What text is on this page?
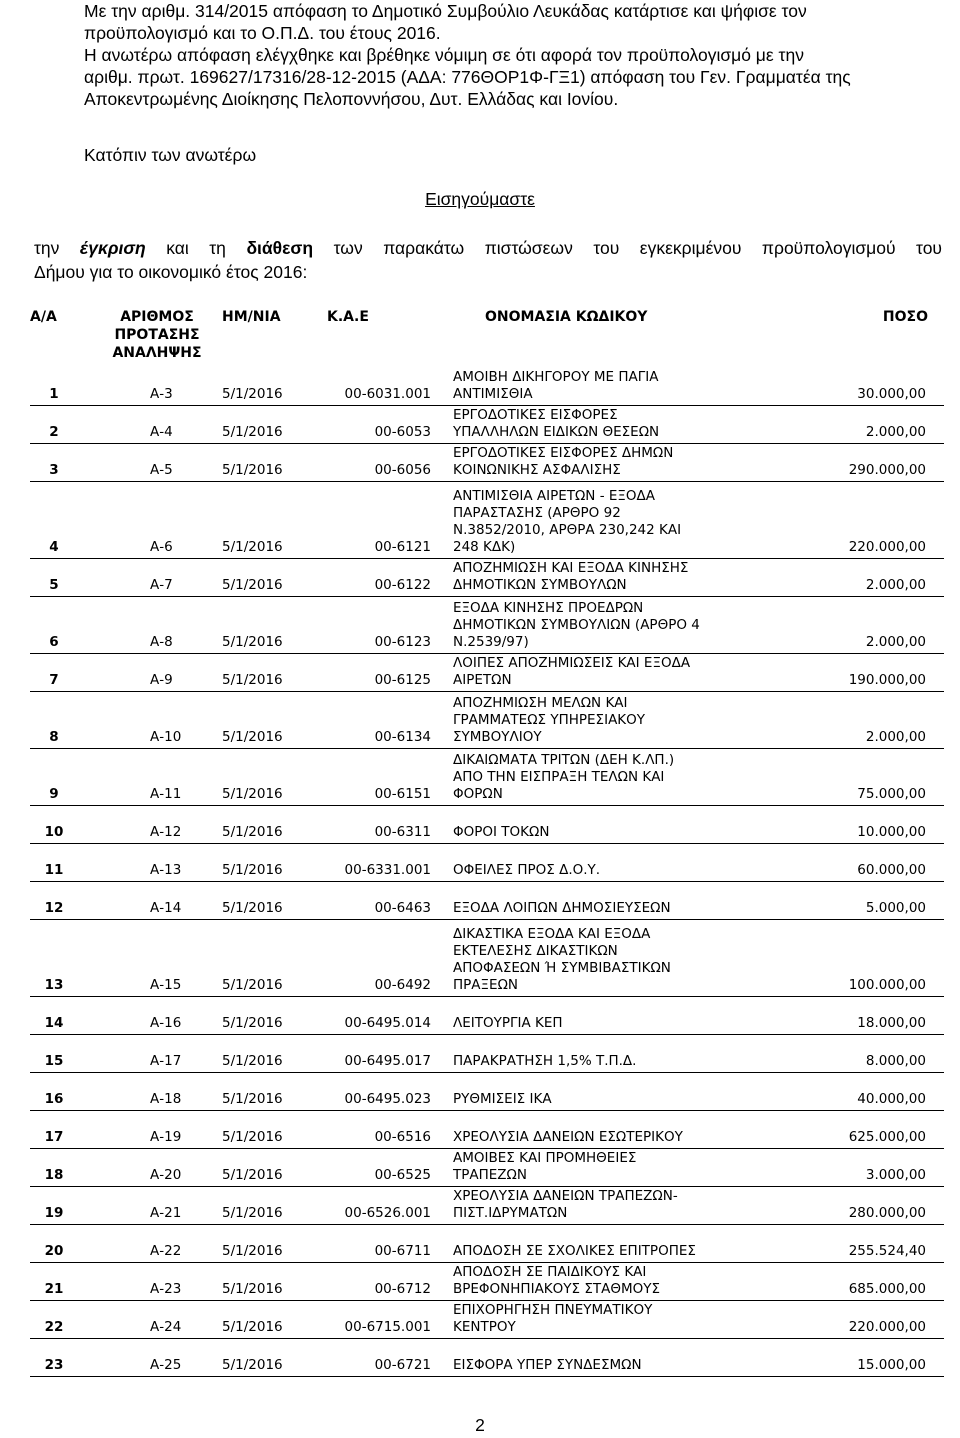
Με την αριθμ. 314/2015 απόφαση το Δημοτικό Συμβούλιο Λευκάδας κατάρτισε και ψήφισε τον
προϋπολογισμό και το Ο.Π.Δ. του έτους 2016.

Η ανωτέρω απόφαση ελέγχθηκε και βρέθηκε νόμιμη σε ότι αφορά τον προϋπολογισμό με την
αριθμ. πρωτ. 169627/17316/28-12-2015 (ΑΔΑ: 776ΘΟΡ1Φ-ΓΞ1) απόφαση του Γεν. Γραμματέα της
Αποκεντρωμένης Διοίκησης Πελοποννήσου, Δυτ. Ελλάδας και Ιονίου.

Κατόπιν των ανωτέρω
Εισηγούμαστε
την έγκριση και τη διάθεση των παρακάτω πιστώσεων του εγκεκριμένου προϋπολογισμού του
Δήμου για το οικονομικό έτος 2016:
Α/Α	ΑΡΙΘΜΟΣ
ΠΡΟΤΑΣΗΣ
ΑΝΑΛΗΨΗΣ	ΗΜ/ΝΙΑ	Κ.Α.Ε	ΟΝΟΜΑΣΙΑ ΚΩΔΙΚΟΥ	ΠΟΣΟ
1	Α-3	5/1/2016	00-6031.001	ΑΜΟΙΒΗ ΔΙΚΗΓΟΡΟΥ ΜΕ ΠΑΓΙΑ
ΑΝΤΙΜΙΣΘΙΑ	30.000,00
2	Α-4	5/1/2016	00-6053	ΕΡΓΟΔΟΤΙΚΕΣ ΕΙΣΦΟΡΕΣ
ΥΠΑΛΛΗΛΩΝ ΕΙΔΙΚΩΝ ΘΕΣΕΩΝ	2.000,00
3	Α-5	5/1/2016	00-6056	ΕΡΓΟΔΟΤΙΚΕΣ ΕΙΣΦΟΡΕΣ ΔΗΜΩΝ
ΚΟΙΝΩΝΙΚΗΣ ΑΣΦΑΛΙΣΗΣ	290.000,00
4	Α-6	5/1/2016	00-6121	ΑΝΤΙΜΙΣΘΙΑ ΑΙΡΕΤΩΝ - ΕΞΟΔΑ
ΠΑΡΑΣΤΑΣΗΣ (ΑΡΘΡΟ 92
Ν.3852/2010, ΑΡΘΡΑ 230,242 ΚΑΙ
248 ΚΔΚ)	220.000,00
5	Α-7	5/1/2016	00-6122	ΑΠΟΖΗΜΙΩΣΗ ΚΑΙ ΕΞΟΔΑ ΚΙΝΗΣΗΣ
ΔΗΜΟΤΙΚΩΝ ΣΥΜΒΟΥΛΩΝ	2.000,00
6	Α-8	5/1/2016	00-6123	ΕΞΟΔΑ ΚΙΝΗΣΗΣ ΠΡΟΕΔΡΩΝ
ΔΗΜΟΤΙΚΩΝ ΣΥΜΒΟΥΛΙΩΝ (ΑΡΘΡΟ 4
Ν.2539/97)	2.000,00
7	Α-9	5/1/2016	00-6125	ΛΟΙΠΕΣ ΑΠΟΖΗΜΙΩΣΕΙΣ ΚΑΙ ΕΞΟΔΑ
ΑΙΡΕΤΩΝ	190.000,00
8	Α-10	5/1/2016	00-6134	ΑΠΟΖΗΜΙΩΣΗ ΜΕΛΩΝ ΚΑΙ
ΓΡΑΜΜΑΤΕΩΣ ΥΠΗΡΕΣΙΑΚΟΥ
ΣΥΜΒΟΥΛΙΟΥ	2.000,00
9	Α-11	5/1/2016	00-6151	ΔΙΚΑΙΩΜΑΤΑ ΤΡΙΤΩΝ (ΔΕΗ Κ.ΛΠ.)
ΑΠΟ ΤΗΝ ΕΙΣΠΡΑΞΗ ΤΕΛΩΝ ΚΑΙ
ΦΟΡΩΝ	75.000,00
10	Α-12	5/1/2016	00-6311	ΦΟΡΟΙ ΤΟΚΩΝ	10.000,00
11	Α-13	5/1/2016	00-6331.001	ΟΦΕΙΛΕΣ ΠΡΟΣ Δ.Ο.Υ.	60.000,00
12	Α-14	5/1/2016	00-6463	ΕΞΟΔΑ ΛΟΙΠΩΝ ΔΗΜΟΣΙΕΥΣΕΩΝ	5.000,00
13	Α-15	5/1/2016	00-6492	ΔΙΚΑΣΤΙΚΑ ΕΞΟΔΑ ΚΑΙ ΕΞΟΔΑ
ΕΚΤΕΛΕΣΗΣ ΔΙΚΑΣΤΙΚΩΝ
ΑΠΟΦΑΣΕΩΝ Ή ΣΥΜΒΙΒΑΣΤΙΚΩΝ
ΠΡΑΞΕΩΝ	100.000,00
14	Α-16	5/1/2016	00-6495.014	ΛΕΙΤΟΥΡΓΙΑ ΚΕΠ	18.000,00
15	Α-17	5/1/2016	00-6495.017	ΠΑΡΑΚΡΑΤΗΣΗ 1,5% Τ.Π.Δ.	8.000,00
16	Α-18	5/1/2016	00-6495.023	ΡΥΘΜΙΣΕΙΣ ΙΚΑ	40.000,00
17	Α-19	5/1/2016	00-6516	ΧΡΕΟΛΥΣΙΑ ΔΑΝΕΙΩΝ ΕΣΩΤΕΡΙΚΟΥ	625.000,00
18	Α-20	5/1/2016	00-6525	ΑΜΟΙΒΕΣ ΚΑΙ ΠΡΟΜΗΘΕΙΕΣ
ΤΡΑΠΕΖΩΝ	3.000,00
19	Α-21	5/1/2016	00-6526.001	ΧΡΕΟΛΥΣΙΑ ΔΑΝΕΙΩΝ ΤΡΑΠΕΖΩΝ-
ΠΙΣΤ.ΙΔΡΥΜΑΤΩΝ	280.000,00
20	Α-22	5/1/2016	00-6711	ΑΠΟΔΟΣΗ ΣΕ ΣΧΟΛΙΚΕΣ ΕΠΙΤΡΟΠΕΣ	255.524,40
21	Α-23	5/1/2016	00-6712	ΑΠΟΔΟΣΗ ΣΕ ΠΑΙΔΙΚΟΥΣ ΚΑΙ
ΒΡΕΦΟΝΗΠΙΑΚΟΥΣ ΣΤΑΘΜΟΥΣ	685.000,00
22	Α-24	5/1/2016	00-6715.001	ΕΠΙΧΟΡΗΓΗΣΗ ΠΝΕΥΜΑΤΙΚΟΥ
ΚΕΝΤΡΟΥ	220.000,00
23	Α-25	5/1/2016	00-6721	ΕΙΣΦΟΡΑ ΥΠΕΡ ΣΥΝΔΕΣΜΩΝ	15.000,00
2
